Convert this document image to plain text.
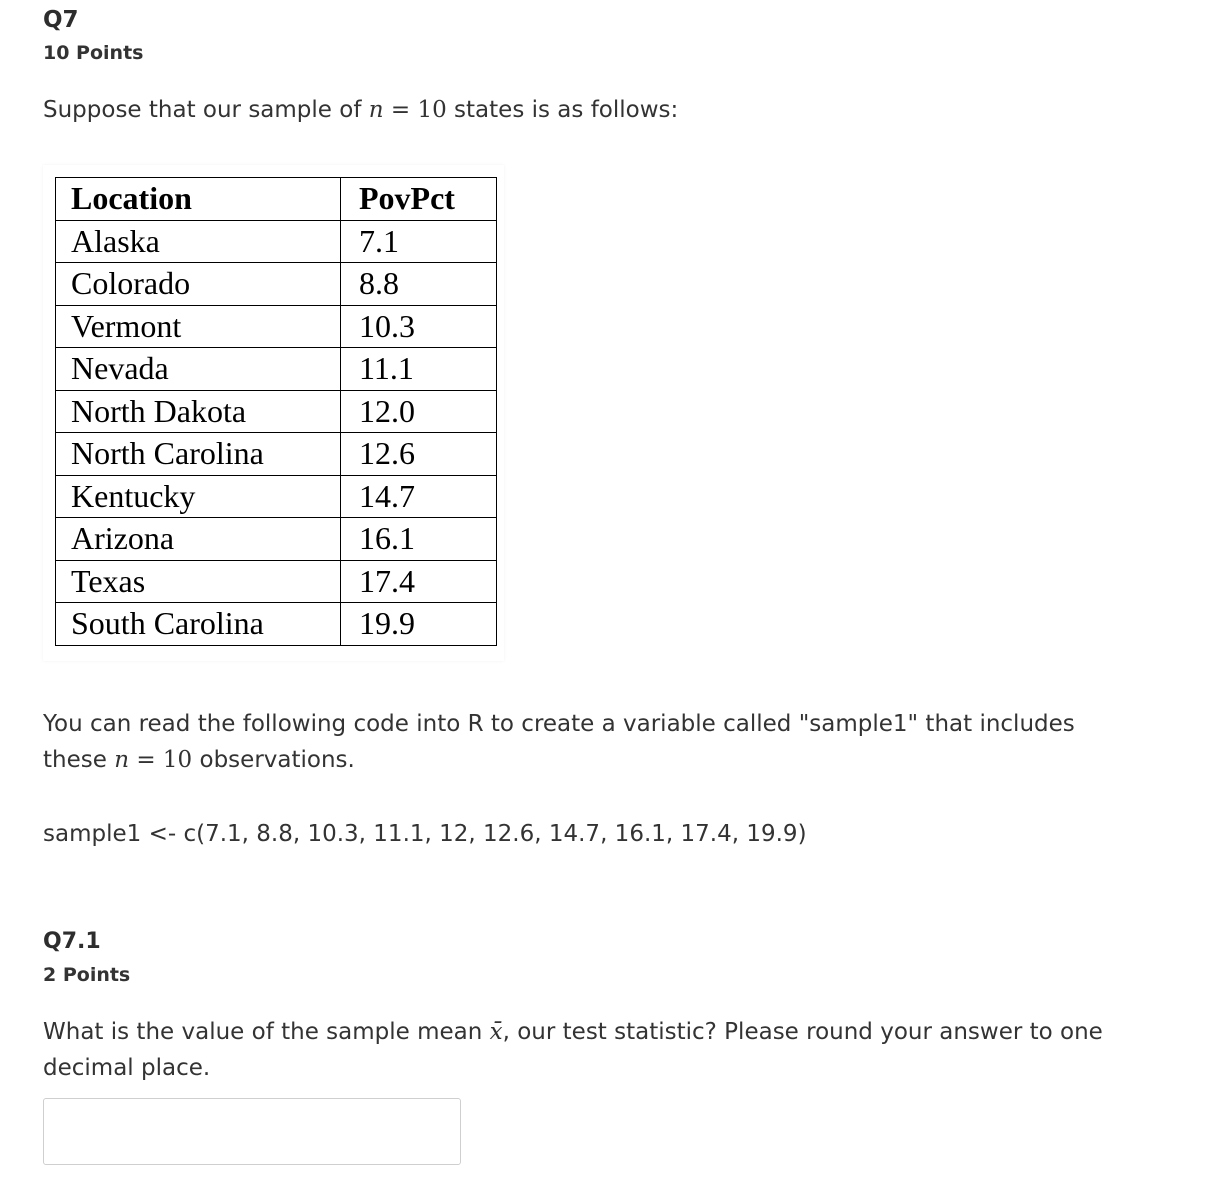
Q7
10 Points
Suppose that our sample of n = 10 states is as follows:
Location	PovPct
Alaska	7.1
Colorado	8.8
Vermont	10.3
Nevada	11.1
North Dakota	12.0
North Carolina	12.6
Kentucky	14.7
Arizona	16.1
Texas	17.4
South Carolina	19.9
You can read the following code into R to create a variable called "sample1" that includes these n = 10 observations.
sample1 <- c(7.1, 8.8, 10.3, 11.1, 12, 12.6, 14.7, 16.1, 17.4, 19.9)
Q7.1
2 Points
What is the value of the sample mean x̄, our test statistic? Please round your answer to one decimal place.
